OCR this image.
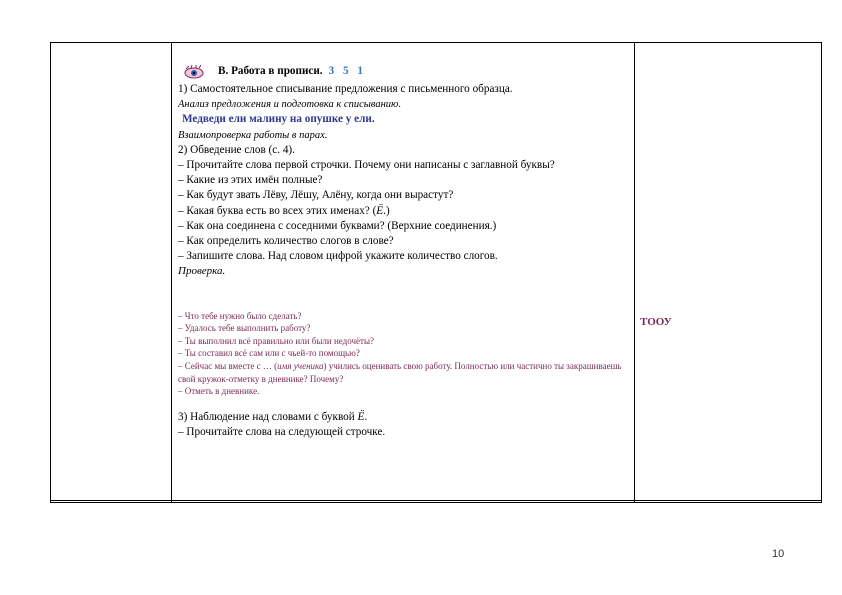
В.
Работа в прописи. 3 5 1

1) Самостоятельное списывание предложения с письменного образца.

Анализ предложения и подготовка к списыванию.

Медведи ели малину на опушке у ели.

Взаимопроверка работы в парах.

2) Обведение слов (с. 4).

– Прочитайте слова первой строчки. Почему они написаны с заглавной буквы?

– Какие из этих имён полные?

– Как будут звать Лёву, Лёшу, Алёну, когда они вырастут?

– Какая буква есть во всех этих именах? (Ё.)

– Как она соединена с соседними буквами? (Верхние соединения.)

– Как определить количество слогов в слове?

– Запишите слова. Над словом цифрой укажите количество слогов.

Проверка.

– Что тебе нужно было сделать?

– Удалось тебе выполнить работу?

– Ты выполнил всё правильно или были недочёты?

– Ты составил всё сам или с чьей-то помощью?

– Сейчас мы вместе с … (имя ученика) учились оценивать свою работу. Полностью или частично ты закрашиваешь свой кружок-отметку в дневнике? Почему?

– Отметь в дневнике.

3) Наблюдение над словами с буквой Ё.

– Прочитайте слова на следующей строчке.

ТООУ
10
